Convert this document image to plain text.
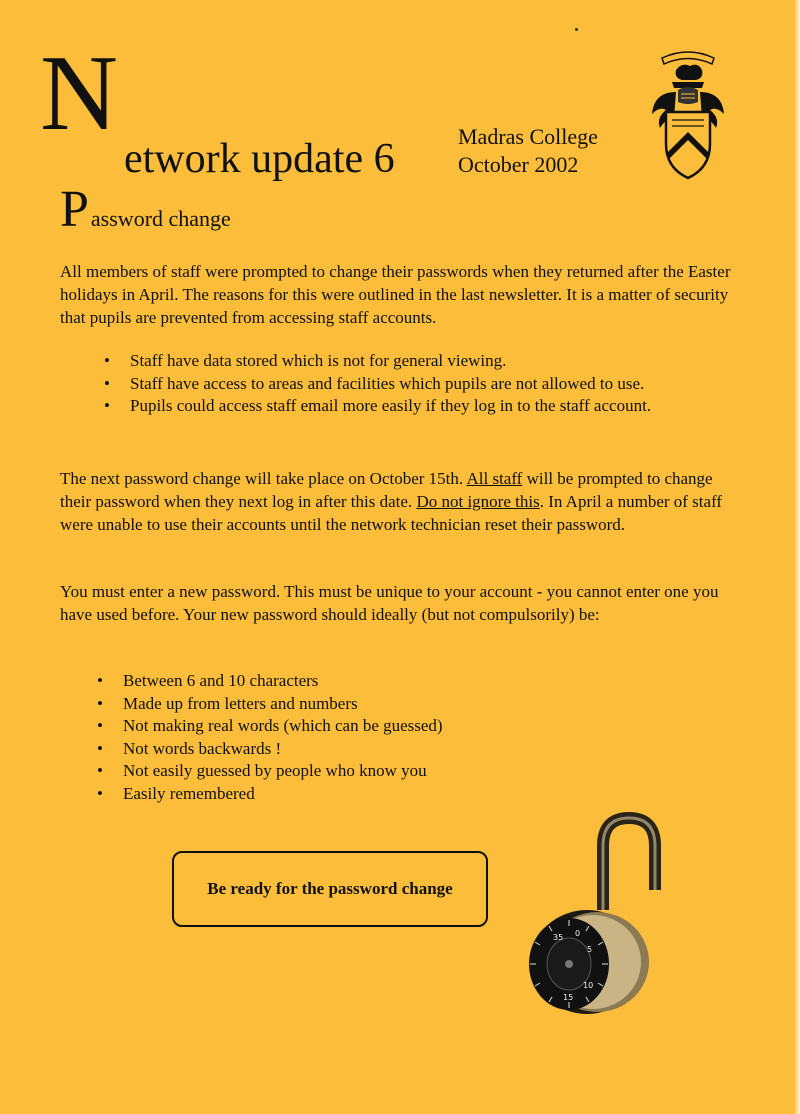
N
etwork update 6	Madras College
October 2002
Password change

All members of staff were prompted to change their passwords when they returned after the Easter holidays in April. The reasons for this were outlined in the last newsletter. It is a matter of security that pupils are prevented from accessing staff accounts.

• Staff have data stored which is not for general viewing.
• Staff have access to areas and facilities which pupils are not allowed to use.
• Pupils could access staff email more easily if they log in to the staff account.

The next password change will take place on October 15th. All staff will be prompted to change their password when they next log in after this date. Do not ignore this. In April a number of staff were unable to use their accounts until the network technician reset their password.

You must enter a new password. This must be unique to your account - you cannot enter one you have used before. Your new password should ideally (but not compulsorily) be:

• Between 6 and 10 characters
• Made up from letters and numbers
• Not making real words (which can be guessed)
• Not words backwards !
• Not easily guessed by people who know you
• Easily remembered
Be ready for the password change
35 0
5
10
15
